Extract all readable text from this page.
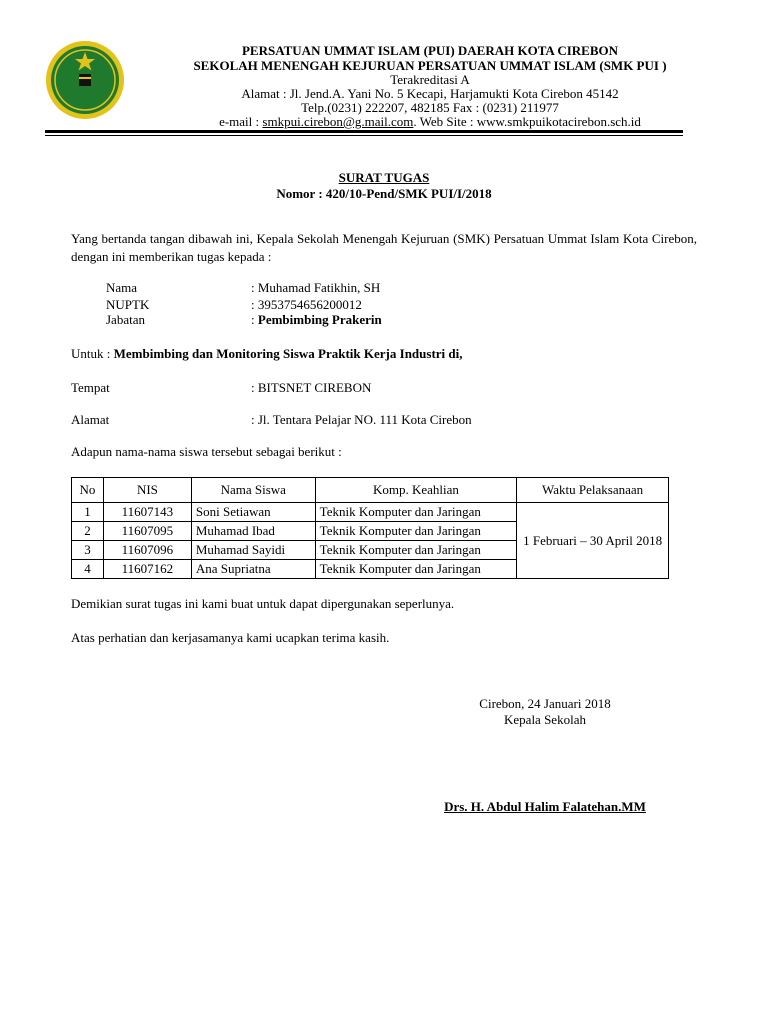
PERSATUAN UMMAT ISLAM (PUI) DAERAH KOTA CIREBON
SEKOLAH MENENGAH KEJURUAN PERSATUAN UMMAT ISLAM (SMK PUI )
Terakreditasi A
Alamat : Jl. Jend.A. Yani No. 5 Kecapi, Harjamukti Kota Cirebon 45142
Telp.(0231) 222207, 482185 Fax : (0231) 211977
e-mail : smkpui.cirebon@g.mail.com. Web Site : www.smkpuikotacirebon.sch.id
SURAT TUGAS
Nomor : 420/10-Pend/SMK PUI/I/2018
Yang bertanda tangan dibawah ini, Kepala Sekolah Menengah Kejuruan (SMK) Persatuan Ummat Islam Kota Cirebon, dengan ini memberikan tugas kepada :
Nama	: Muhamad Fatikhin, SH
NUPTK	: 3953754656200012
Jabatan	: Pembimbing Prakerin
Untuk : Membimbing dan Monitoring Siswa Praktik Kerja Industri di,
Tempat	: BITSNET CIREBON
Alamat	: Jl. Tentara Pelajar NO. 111 Kota Cirebon
Adapun nama-nama siswa tersebut sebagai berikut :
No	NIS	Nama Siswa	Komp. Keahlian	Waktu Pelaksanaan
1	11607143	Soni Setiawan	Teknik Komputer dan Jaringan	1 Februari – 30 April 2018
2	11607095	Muhamad Ibad	Teknik Komputer dan Jaringan	
3	11607096	Muhamad Sayidi	Teknik Komputer dan Jaringan	
4	11607162	Ana Supriatna	Teknik Komputer dan Jaringan	
Demikian surat tugas ini kami buat untuk dapat dipergunakan seperlunya.
Atas perhatian dan kerjasamanya kami ucapkan terima kasih.
Cirebon, 24 Januari 2018
Kepala Sekolah
Drs. H. Abdul Halim Falatehan.MM
